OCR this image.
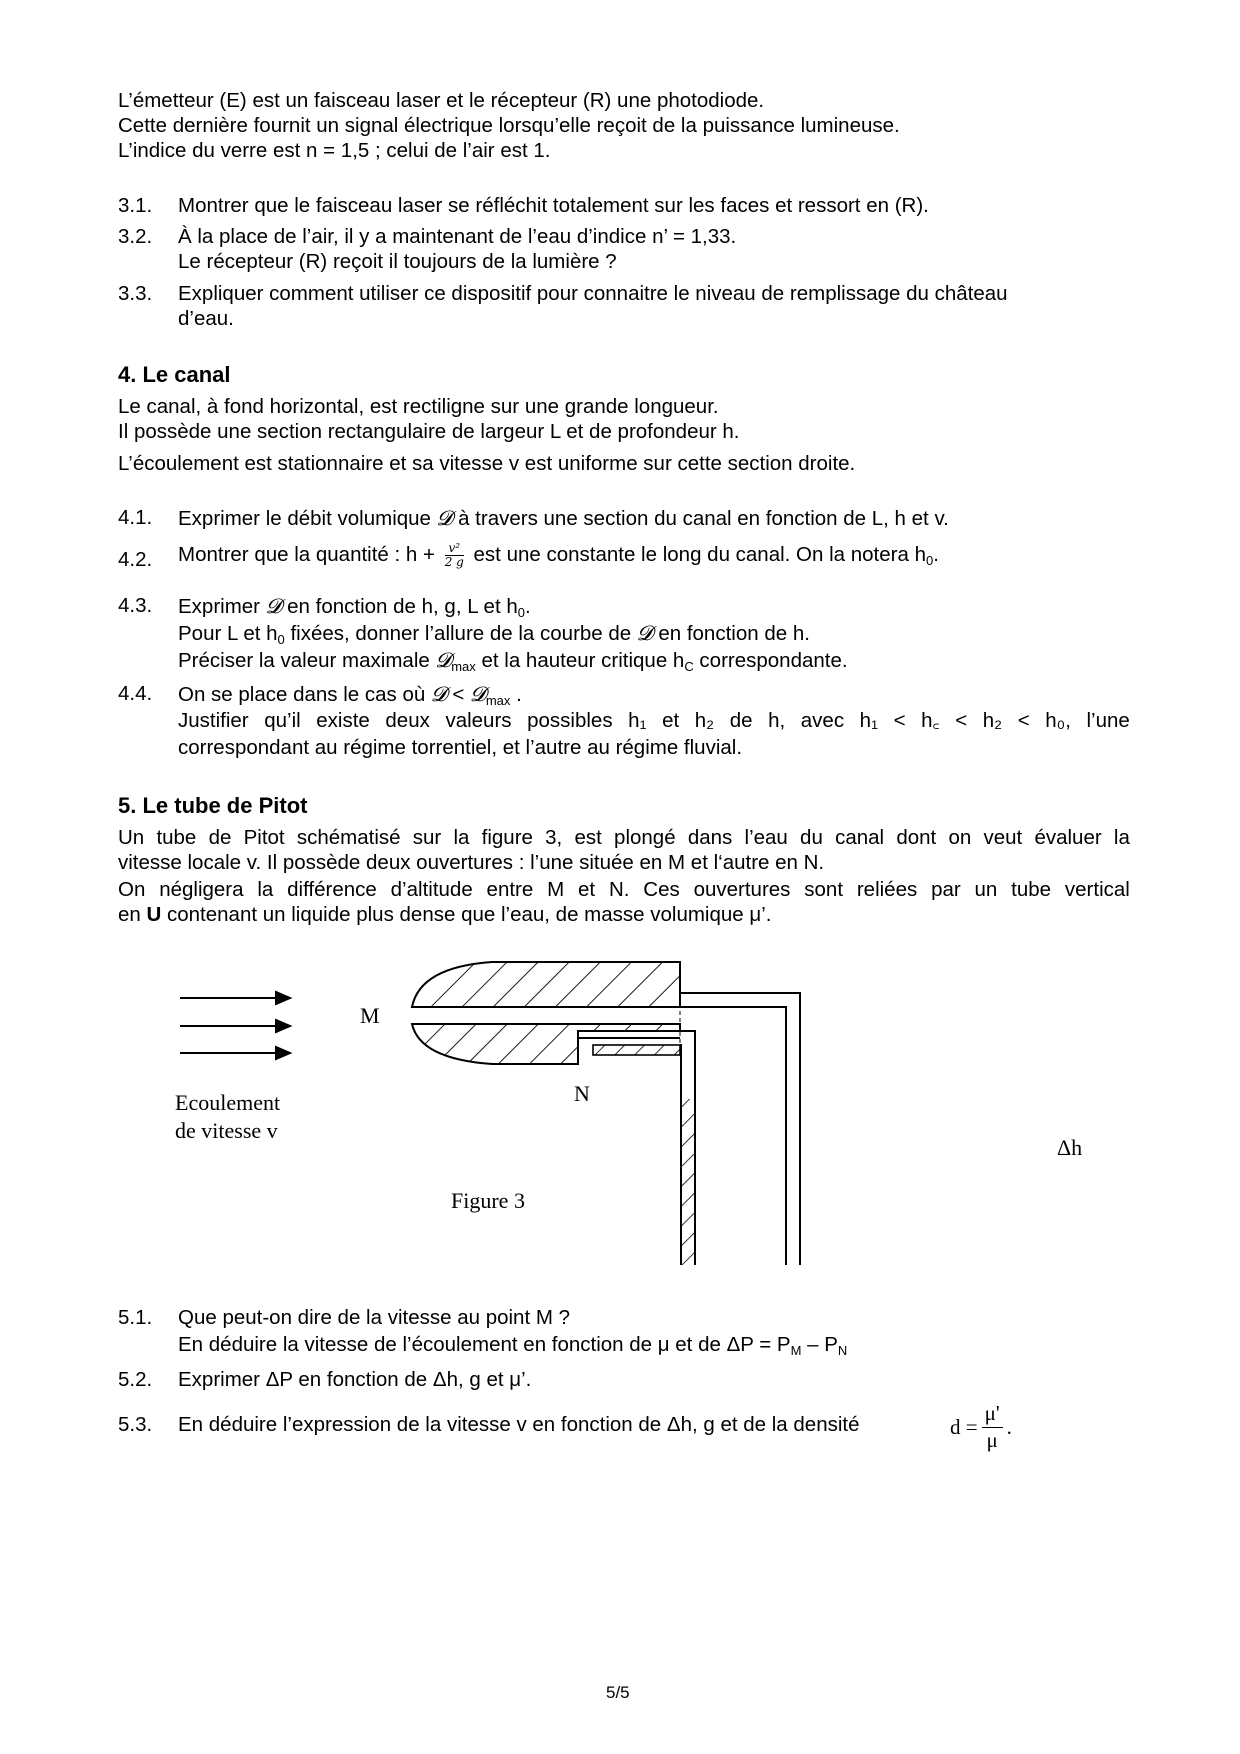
L’émetteur (E) est un faisceau laser et le récepteur (R) une photodiode.
Cette dernière fournit un signal électrique lorsqu’elle reçoit de la puissance lumineuse.
L’indice du verre est n = 1,5 ; celui de l’air est 1.
3.1. Montrer que le faisceau laser se réfléchit totalement sur les faces et ressort en (R).
3.2. À la place de l’air, il y a maintenant de l’eau d’indice n’ = 1,33.
Le récepteur (R) reçoit il toujours de la lumière ?
3.3. Expliquer comment utiliser ce dispositif pour connaitre le niveau de remplissage du château
d’eau.
4. Le canal
Le canal, à fond horizontal, est rectiligne sur une grande longueur.
Il possède une section rectangulaire de largeur L et de profondeur h.
L’écoulement est stationnaire et sa vitesse v est uniforme sur cette section droite.
4.1. Exprimer le débit volumique 𝓓 à travers une section du canal en fonction de L, h et v.
4.2. Montrer que la quantité : $h + \frac{\text{v²}}{2 g}$ est une constante le long du canal. On la notera $h_0$.
4.3. Exprimer 𝓓 en fonction de h, g, L et $h_0$.
Pour L et $h_0$ fixées, donner l’allure de la courbe de 𝓓 en fonction de h.
Préciser la valeur maximale 𝓓$_{max}$ et la hauteur critique $h_C$ correspondante.
4.4. On se place dans le cas où 𝓓 < 𝓓$_{max}$ .
Justifier qu’il existe deux valeurs possibles h₁ et h₂ de h, avec h₁ < h꜀ < h₂ < h₀, l’une
correspondant au régime torrentiel, et l’autre au régime fluvial.
5. Le tube de Pitot
Un tube de Pitot schématisé sur la figure 3, est plongé dans l’eau du canal dont on veut évaluer la
vitesse locale v. Il possède deux ouvertures : l’une située en M et l‘autre en N.
On négligera la différence d’altitude entre M et N. Ces ouvertures sont reliées par un tube vertical
en U contenant un liquide plus dense que l’eau, de masse volumique μ’.
M
N
Ecoulement
de vitesse v
Δh
Figure 3
5.1. Que peut-on dire de la vitesse au point M ?
En déduire la vitesse de l’écoulement en fonction de μ et de $\Delta P = P_M - P_N$
5.2. Exprimer ΔP en fonction de Δh, g et μ’.
5.3. En déduire l’expression de la vitesse v en fonction de Δh, g et de la densité	$d = \frac{\mu'}{\mu}$ .
5/5
